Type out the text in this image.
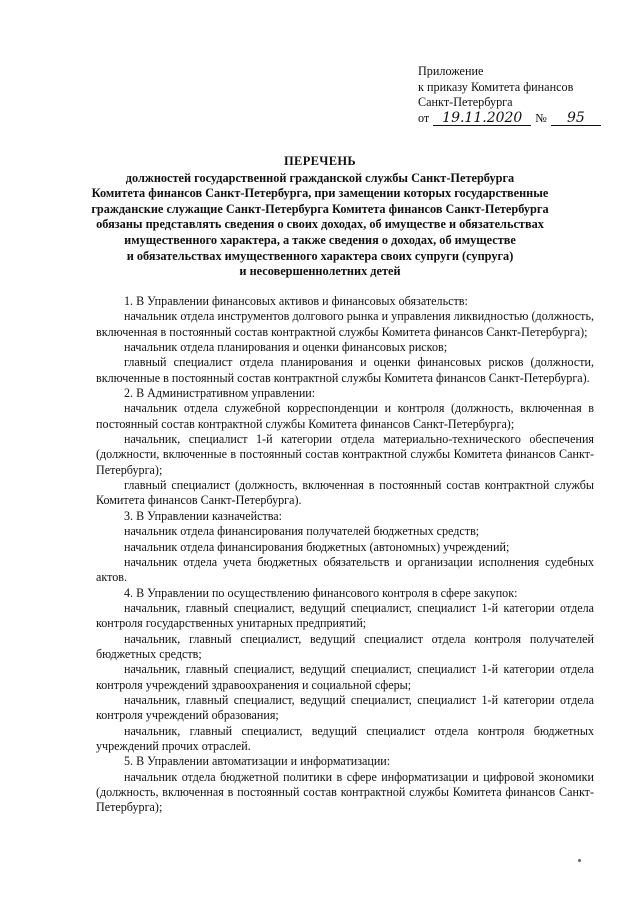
Приложение
к приказу Комитета финансов
Санкт-Петербурга
от 19.11.2020 № 95
ПЕРЕЧЕНЬ
должностей государственной гражданской службы Санкт-Петербурга
Комитета финансов Санкт-Петербурга, при замещении которых государственные
гражданские служащие Санкт-Петербурга Комитета финансов Санкт-Петербурга
обязаны представлять сведения о своих доходах, об имуществе и обязательствах
имущественного характера, а также сведения о доходах, об имуществе
и обязательствах имущественного характера своих супруги (супруга)
и несовершеннолетних детей

1. В Управлении финансовых активов и финансовых обязательств:

начальник отдела инструментов долгового рынка и управления ликвидностью (должность, включенная в постоянный состав контрактной службы Комитета финансов Санкт-Петербурга);

начальник отдела планирования и оценки финансовых рисков;

главный специалист отдела планирования и оценки финансовых рисков (должности, включенные в постоянный состав контрактной службы Комитета финансов Санкт-Петербурга).

2. В Административном управлении:

начальник отдела служебной корреспонденции и контроля (должность, включенная в постоянный состав контрактной службы Комитета финансов Санкт-Петербурга);

начальник, специалист 1-й категории отдела материально-технического обеспечения (должности, включенные в постоянный состав контрактной службы Комитета финансов Санкт-Петербурга);

главный специалист (должность, включенная в постоянный состав контрактной службы Комитета финансов Санкт-Петербурга).

3. В Управлении казначейства:

начальник отдела финансирования получателей бюджетных средств;

начальник отдела финансирования бюджетных (автономных) учреждений;

начальник отдела учета бюджетных обязательств и организации исполнения судебных актов.

4. В Управлении по осуществлению финансового контроля в сфере закупок:

начальник, главный специалист, ведущий специалист, специалист 1-й категории отдела контроля государственных унитарных предприятий;

начальник, главный специалист, ведущий специалист отдела контроля получателей бюджетных средств;

начальник, главный специалист, ведущий специалист, специалист 1-й категории отдела контроля учреждений здравоохранения и социальной сферы;

начальник, главный специалист, ведущий специалист, специалист 1-й категории отдела контроля учреждений образования;

начальник, главный специалист, ведущий специалист отдела контроля бюджетных учреждений прочих отраслей.

5. В Управлении автоматизации и информатизации:

начальник отдела бюджетной политики в сфере информатизации и цифровой экономики (должность, включенная в постоянный состав контрактной службы Комитета финансов Санкт-Петербурга);
